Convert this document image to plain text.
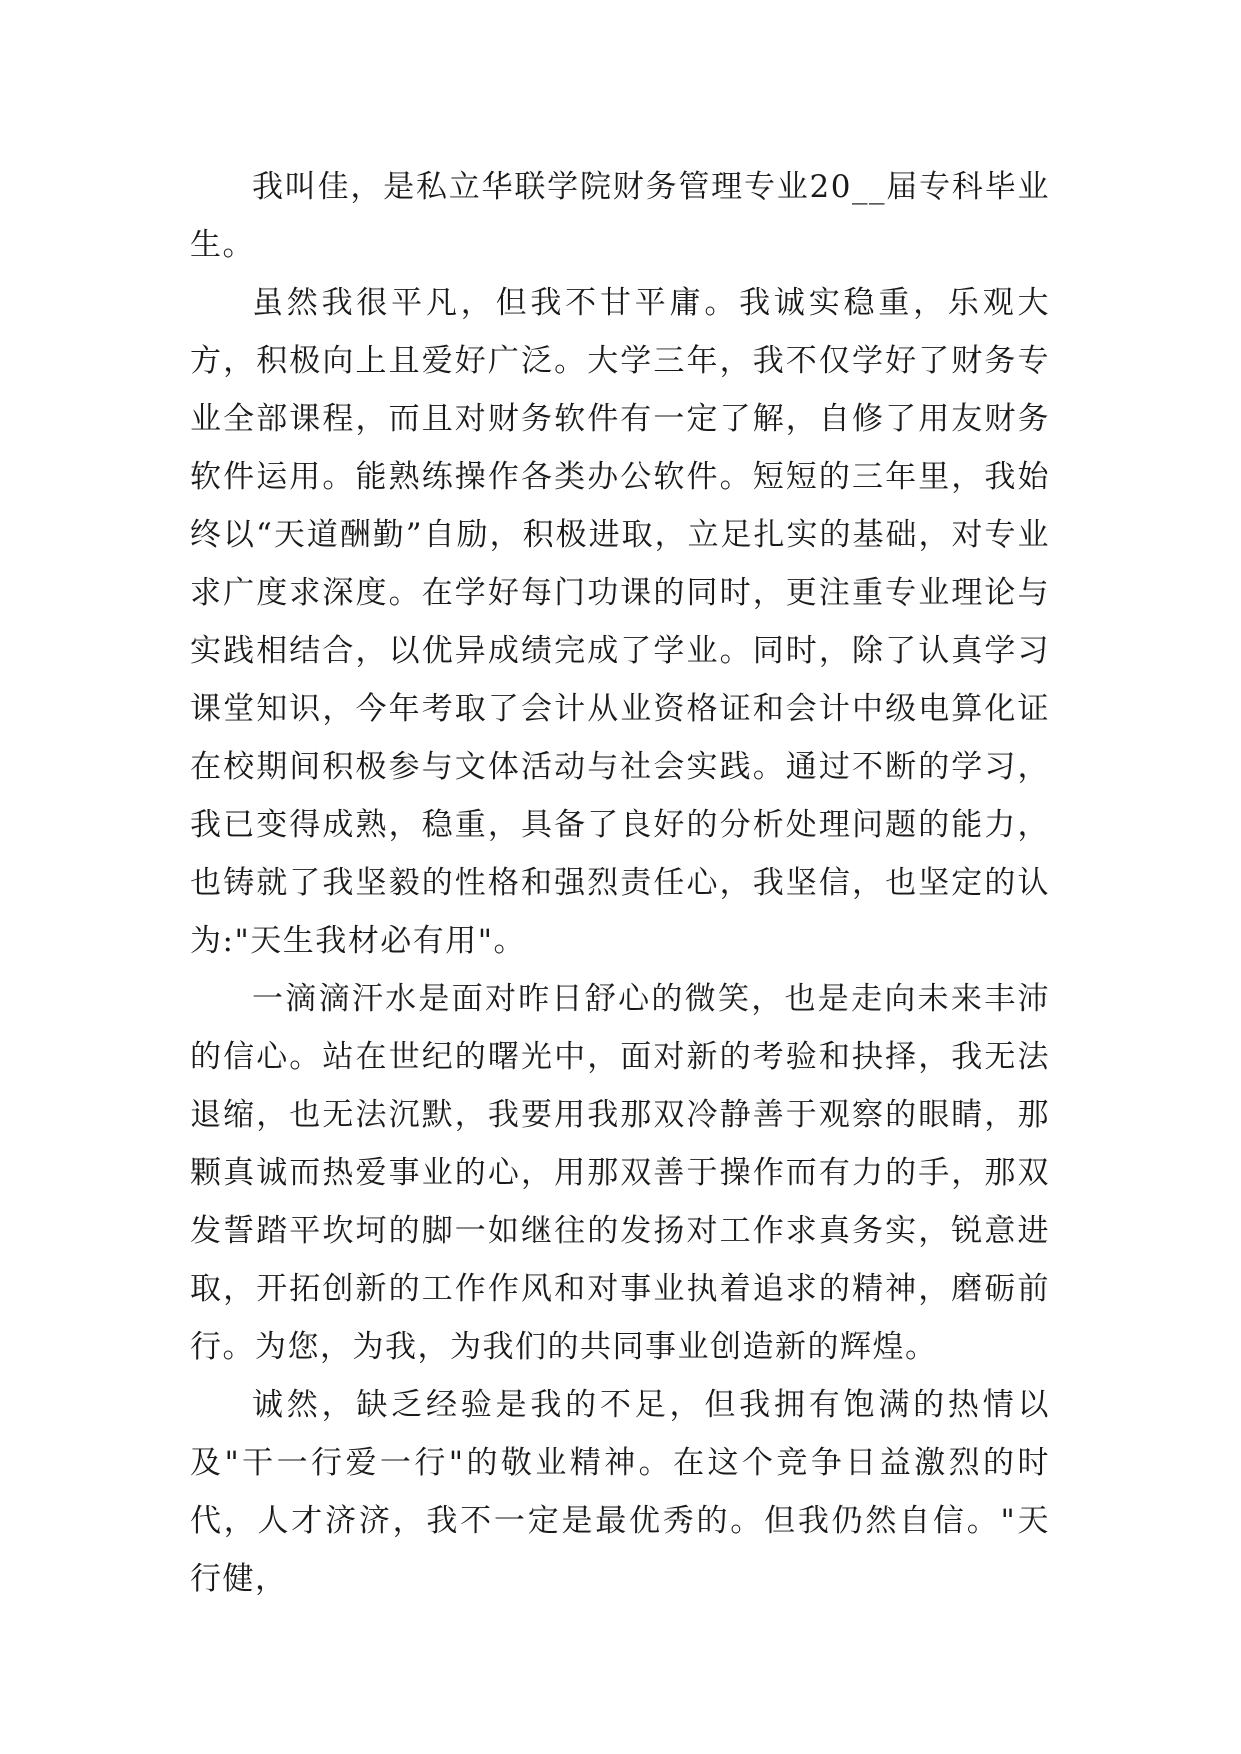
我叫佳，是私立华联学院财务管理专业20__届专科毕业生。

虽然我很平凡，但我不甘平庸。我诚实稳重，乐观大方，积极向上且爱好广泛。大学三年，我不仅学好了财务专业全部课程，而且对财务软件有一定了解，自修了用友财务软件运用。能熟练操作各类办公软件。短短的三年里，我始终以“天道酬勤”自励，积极进取，立足扎实的基础，对专业求广度求深度。在学好每门功课的同时，更注重专业理论与实践相结合，以优异成绩完成了学业。同时，除了认真学习课堂知识，今年考取了会计从业资格证和会计中级电算化证在校期间积极参与文体活动与社会实践。通过不断的学习，我已变得成熟，稳重，具备了良好的分析处理问题的能力，也铸就了我坚毅的性格和强烈责任心，我坚信，也坚定的认为:"天生我材必有用"。

一滴滴汗水是面对昨日舒心的微笑，也是走向未来丰沛的信心。站在世纪的曙光中，面对新的考验和抉择，我无法退缩，也无法沉默，我要用我那双冷静善于观察的眼睛，那颗真诚而热爱事业的心，用那双善于操作而有力的手，那双发誓踏平坎坷的脚一如继往的发扬对工作求真务实，锐意进取，开拓创新的工作作风和对事业执着追求的精神，磨砺前行。为您，为我，为我们的共同事业创造新的辉煌。

诚然，缺乏经验是我的不足，但我拥有饱满的热情以及"干一行爱一行"的敬业精神。在这个竞争日益激烈的时代，人才济济，我不一定是最优秀的。但我仍然自信。"天行健，
